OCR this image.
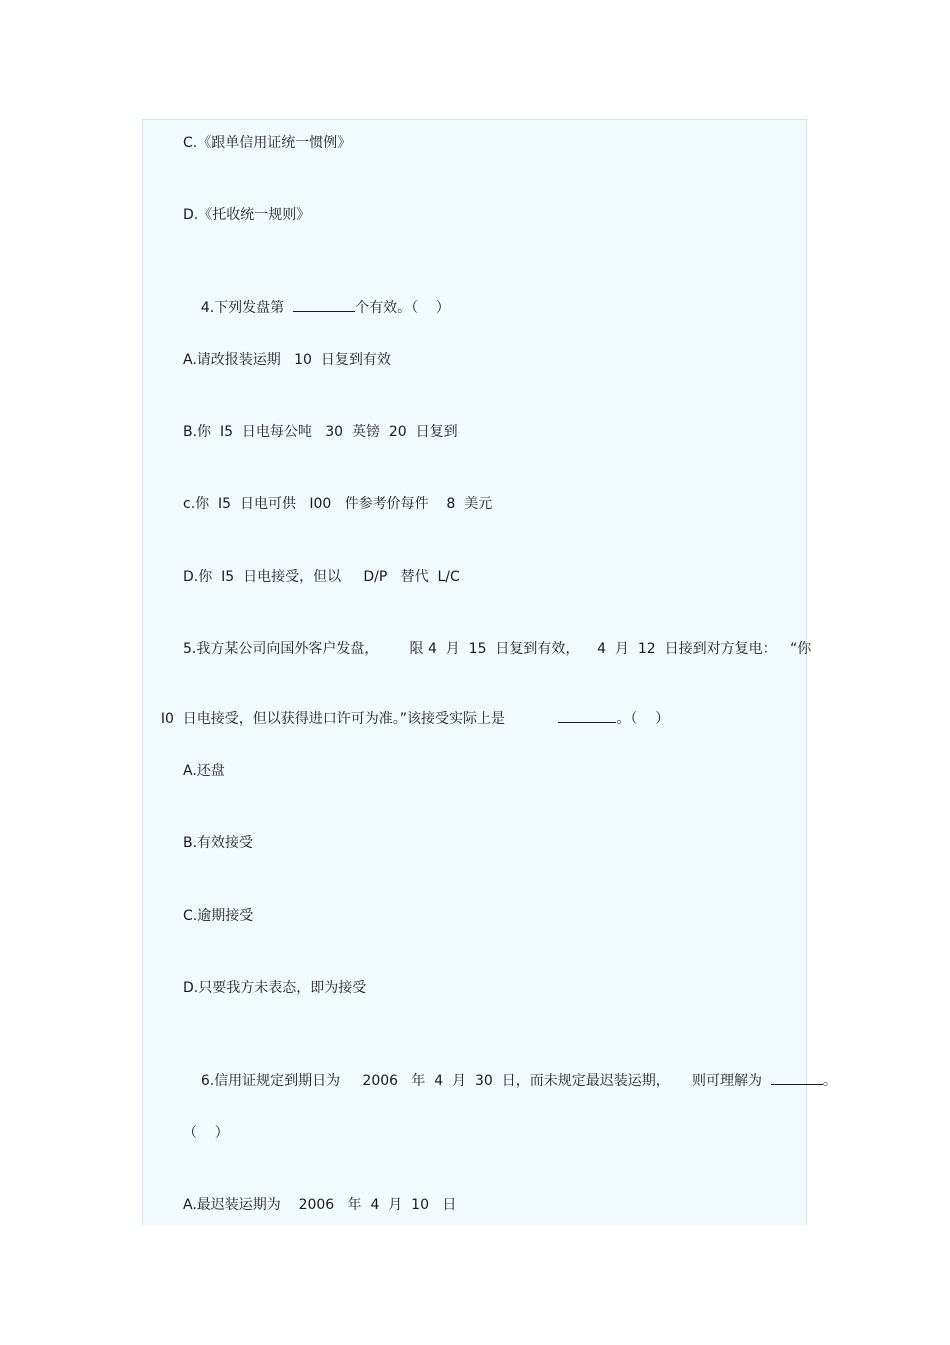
C.《跟单信用证统一惯例》
D.《托收统一规则》

4.下列发盘第	个有效。（    ）

A.请改报装运期   10  日复到有效
B.你  I5  日电每公吨   30  英镑  20  日复到
c.你  I5  日电可供   I00   件参考价每件    8  美元
D.你  I5  日电接受，但以     D/P   替代  L/C
5.我方某公司向国外客户发盘，       限 4  月  15  日复到有效，    4  月  12  日接到对方复电：   “你

I0  日电接受，但以获得进口许可为准。”该接受实际上是	。（    ）

A.还盘
B.有效接受
C.逾期接受
D.只要我方未表态，即为接受

6.信用证规定到期日为     2006   年  4  月  30  日，而未规定最迟装运期，     则可理解为	。

（    ）
A.最迟装运期为    2006   年  4  月  10   日
